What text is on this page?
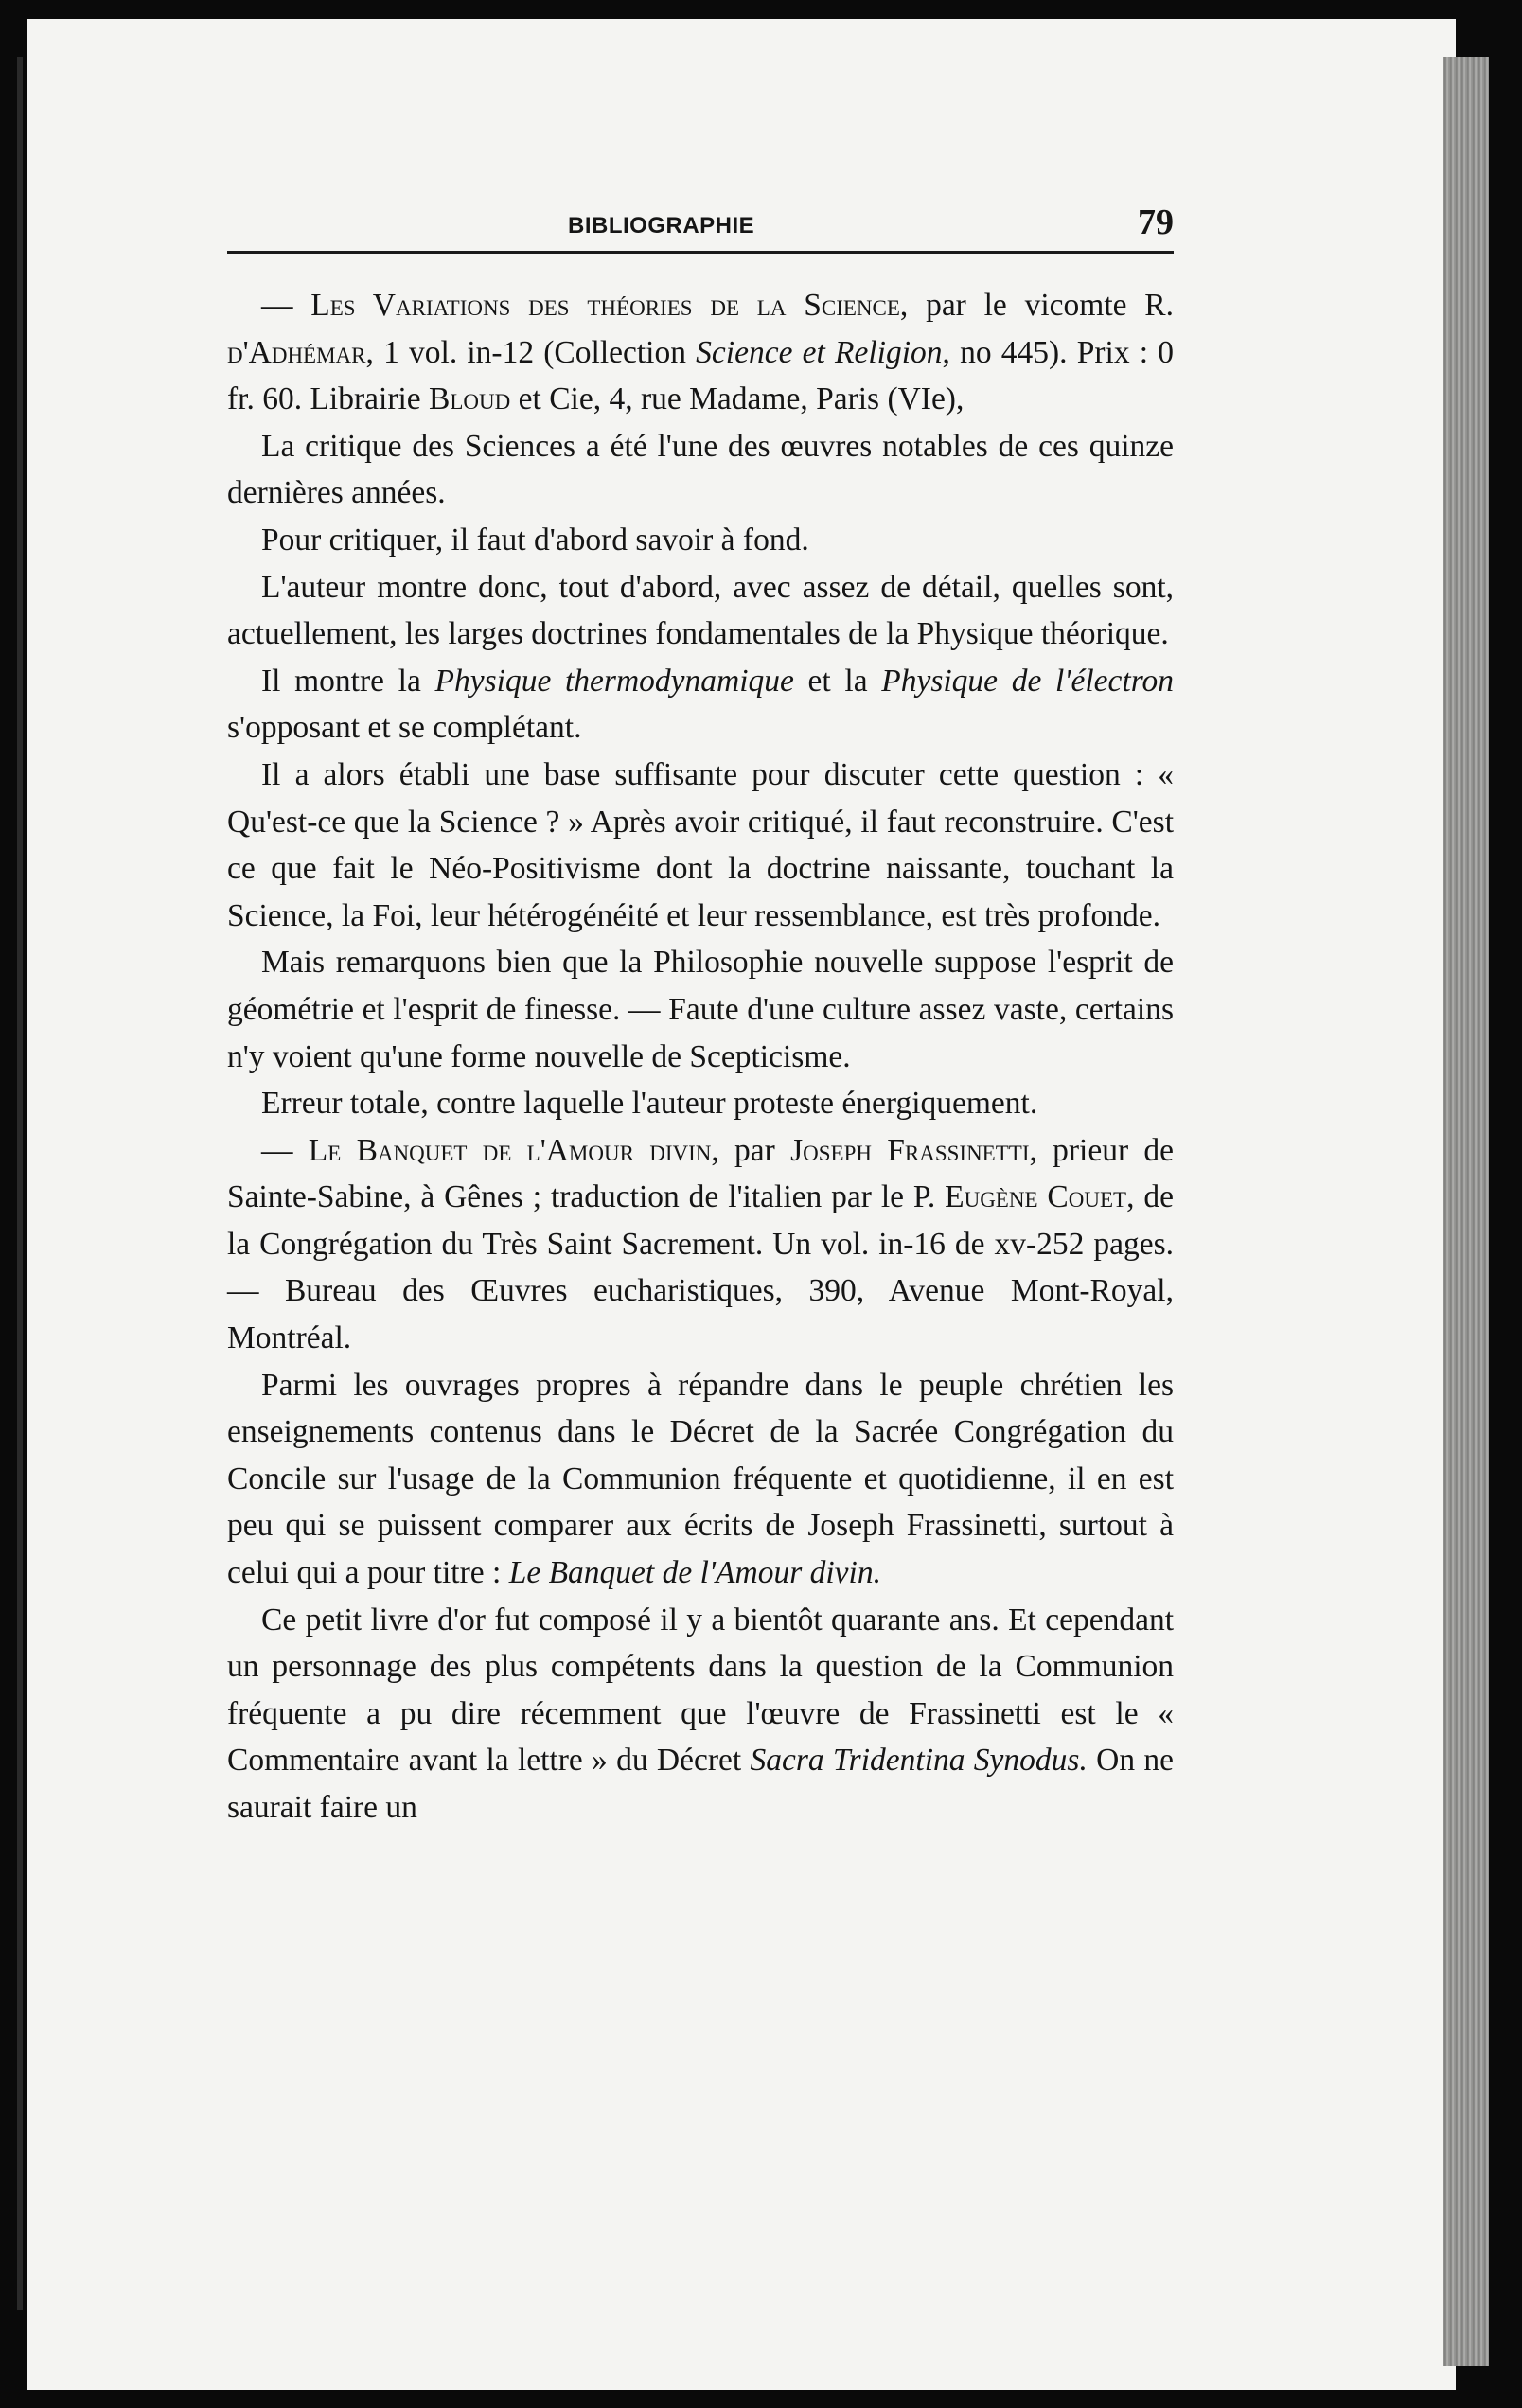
BIBLIOGRAPHIE	79

— Les Variations des théories de la Science, par le vicomte R. d'Adhémar, 1 vol. in-12 (Collection Science et Religion, no 445). Prix : 0 fr. 60. Librairie Bloud et Cie, 4, rue Madame, Paris (VIe),

La critique des Sciences a été l'une des œuvres notables de ces quinze dernières années.

Pour critiquer, il faut d'abord savoir à fond.

L'auteur montre donc, tout d'abord, avec assez de détail, quelles sont, actuellement, les larges doctrines fondamentales de la Physique théorique.

Il montre la Physique thermodynamique et la Physique de l'électron s'opposant et se complétant.

Il a alors établi une base suffisante pour discuter cette question : « Qu'est-ce que la Science ? » Après avoir critiqué, il faut reconstruire. C'est ce que fait le Néo-Positivisme dont la doctrine naissante, touchant la Science, la Foi, leur hétérogénéité et leur ressemblance, est très profonde.

Mais remarquons bien que la Philosophie nouvelle suppose l'esprit de géométrie et l'esprit de finesse. — Faute d'une culture assez vaste, certains n'y voient qu'une forme nouvelle de Scepticisme.

Erreur totale, contre laquelle l'auteur proteste énergiquement.

— Le Banquet de l'Amour divin, par Joseph Frassinetti, prieur de Sainte-Sabine, à Gênes ; traduction de l'italien par le P. Eugène Couet, de la Congrégation du Très Saint Sacrement. Un vol. in-16 de xv-252 pages. — Bureau des Œuvres eucharistiques, 390, Avenue Mont-Royal, Montréal.

Parmi les ouvrages propres à répandre dans le peuple chrétien les enseignements contenus dans le Décret de la Sacrée Congrégation du Concile sur l'usage de la Communion fréquente et quotidienne, il en est peu qui se puissent comparer aux écrits de Joseph Frassinetti, surtout à celui qui a pour titre : Le Banquet de l'Amour divin.

Ce petit livre d'or fut composé il y a bientôt quarante ans. Et cependant un personnage des plus compétents dans la question de la Communion fréquente a pu dire récemment que l'œuvre de Frassinetti est le « Commentaire avant la lettre » du Décret Sacra Tridentina Synodus. On ne saurait faire un
